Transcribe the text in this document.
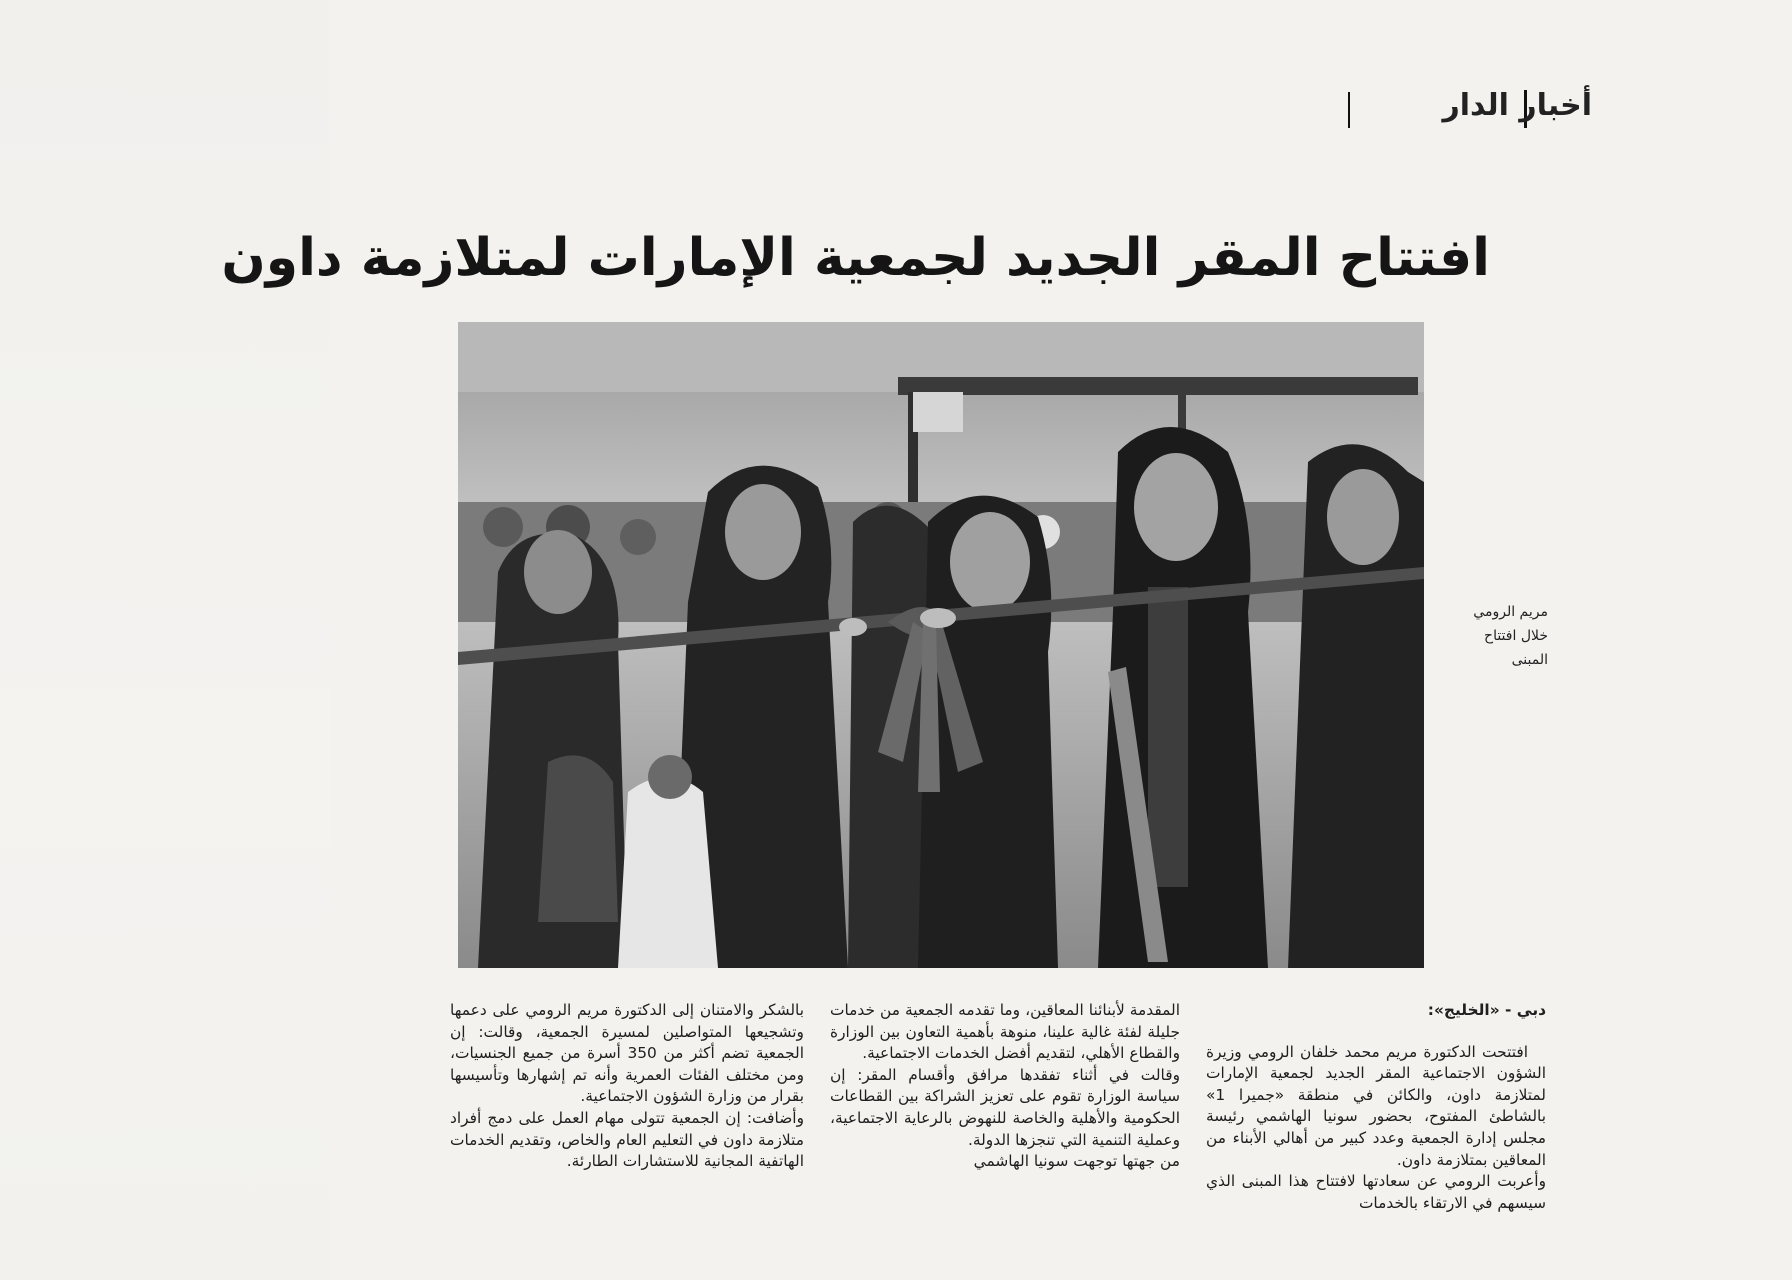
أخبار الدار
افتتاح المقر الجديد لجمعية الإمارات لمتلازمة داون
مريم الرومي
خلال افتتاح
المبنى

دبي - «الخليج»:

افتتحت الدكتورة مريم محمد خلفان الرومي وزيرة الشؤون الاجتماعية المقر الجديد لجمعية الإمارات لمتلازمة داون، والكائن في منطقة «جميرا 1» بالشاطئ المفتوح، بحضور سونيا الهاشمي رئيسة مجلس إدارة الجمعية وعدد كبير من أهالي الأبناء من المعاقين بمتلازمة داون.

وأعربت الرومي عن سعادتها لافتتاح هذا المبنى الذي سيسهم في الارتقاء بالخدمات

المقدمة لأبنائنا المعاقين، وما تقدمه الجمعية من خدمات جليلة لفئة غالية علينا، منوهة بأهمية التعاون بين الوزارة والقطاع الأهلي، لتقديم أفضل الخدمات الاجتماعية.

وقالت في أثناء تفقدها مرافق وأقسام المقر: إن سياسة الوزارة تقوم على تعزيز الشراكة بين القطاعات الحكومية والأهلية والخاصة للنهوض بالرعاية الاجتماعية، وعملية التنمية التي تنجزها الدولة.

من جهتها توجهت سونيا الهاشمي

بالشكر والامتنان إلى الدكتورة مريم الرومي على دعمها وتشجيعها المتواصلين لمسيرة الجمعية، وقالت: إن الجمعية تضم أكثر من 350 أسرة من جميع الجنسيات، ومن مختلف الفئات العمرية وأنه تم إشهارها وتأسيسها بقرار من وزارة الشؤون الاجتماعية.

وأضافت: إن الجمعية تتولى مهام العمل على دمج أفراد متلازمة داون في التعليم العام والخاص، وتقديم الخدمات الهاتفية المجانية للاستشارات الطارئة.
